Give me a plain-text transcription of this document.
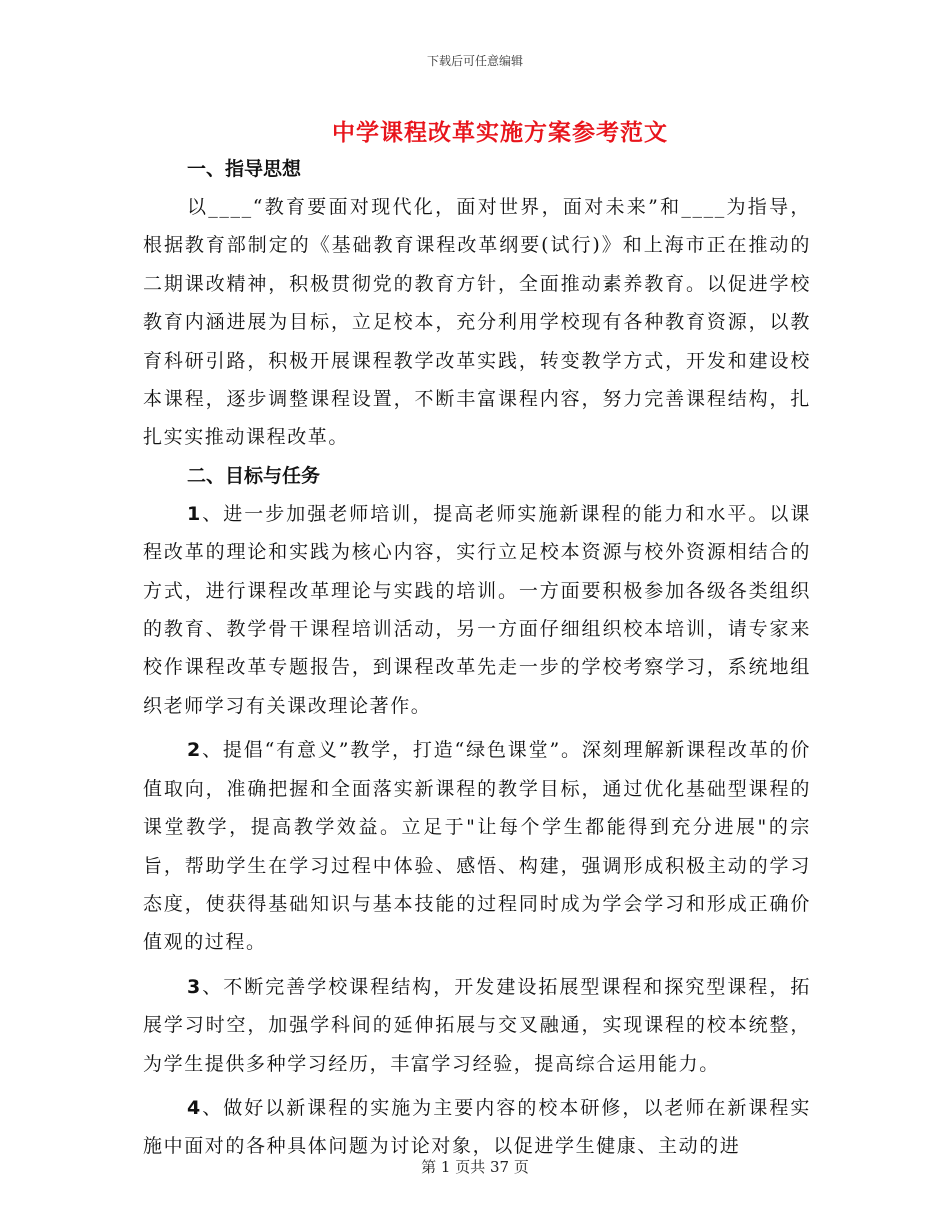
下载后可任意编辑
中学课程改革实施方案参考范文
一、指导思想

以____“教育要面对现代化，面对世界，面对未来”和____为指导，根据教育部制定的《基础教育课程改革纲要(试行)》和上海市正在推动的二期课改精神，积极贯彻党的教育方针，全面推动素养教育。以促进学校教育内涵进展为目标，立足校本，充分利用学校现有各种教育资源，以教育科研引路，积极开展课程教学改革实践，转变教学方式，开发和建设校本课程，逐步调整课程设置，不断丰富课程内容，努力完善课程结构，扎扎实实推动课程改革。

二、目标与任务

1、进一步加强老师培训，提高老师实施新课程的能力和水平。以课程改革的理论和实践为核心内容，实行立足校本资源与校外资源相结合的方式，进行课程改革理论与实践的培训。一方面要积极参加各级各类组织的教育、教学骨干课程培训活动，另一方面仔细组织校本培训，请专家来校作课程改革专题报告，到课程改革先走一步的学校考察学习，系统地组织老师学习有关课改理论著作。

2、提倡“有意义”教学，打造“绿色课堂”。深刻理解新课程改革的价值取向，准确把握和全面落实新课程的教学目标，通过优化基础型课程的课堂教学，提高教学效益。立足于"让每个学生都能得到充分进展"的宗旨，帮助学生在学习过程中体验、感悟、构建，强调形成积极主动的学习态度，使获得基础知识与基本技能的过程同时成为学会学习和形成正确价值观的过程。

3、不断完善学校课程结构，开发建设拓展型课程和探究型课程，拓展学习时空，加强学科间的延伸拓展与交叉融通，实现课程的校本统整，为学生提供多种学习经历，丰富学习经验，提高综合运用能力。

4、做好以新课程的实施为主要内容的校本研修，以老师在新课程实施中面对的各种具体问题为讨论对象，以促进学生健康、主动的进

第 1 页共 37 页
